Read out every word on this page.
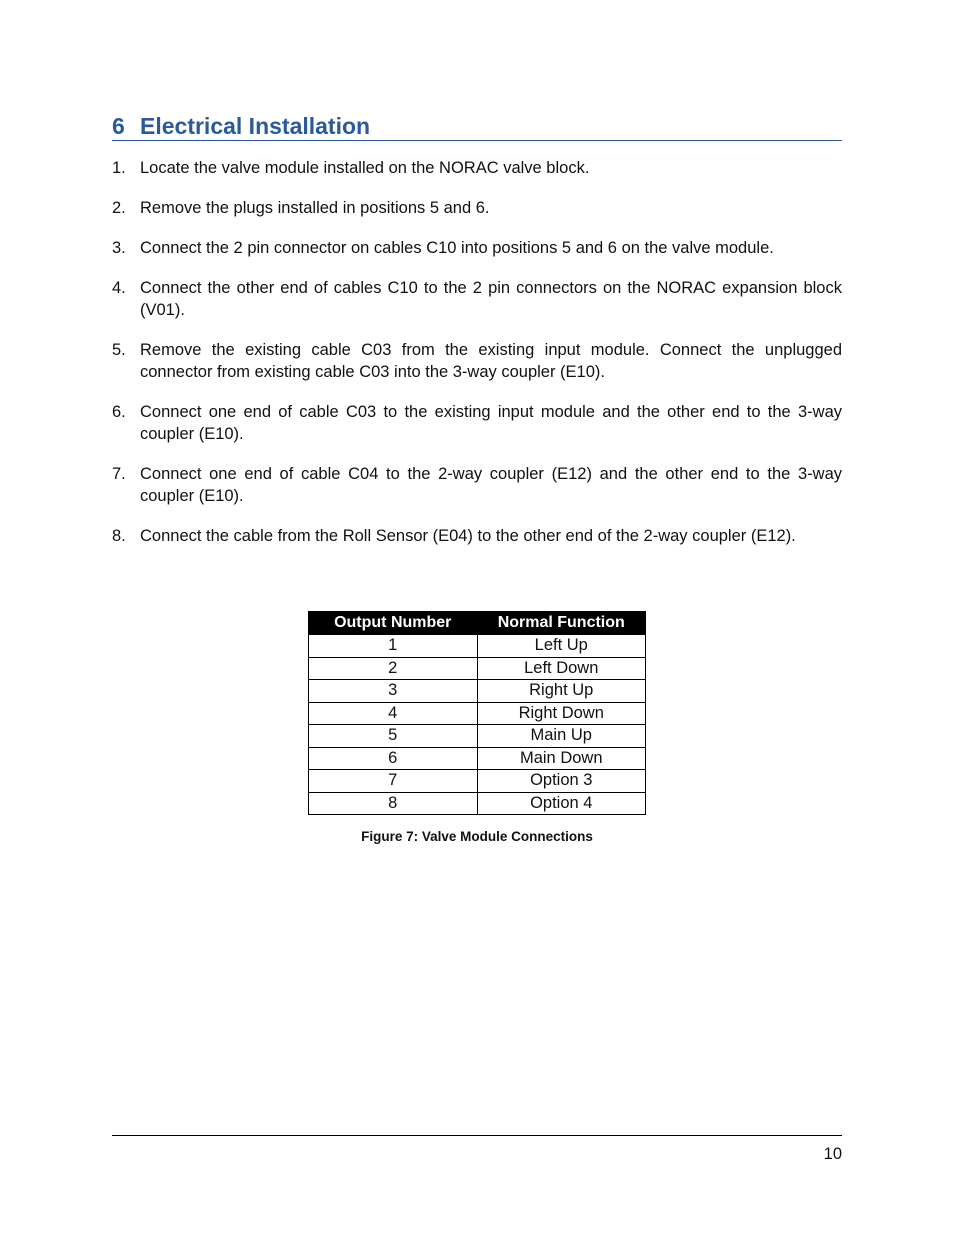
6 Electrical Installation
1. Locate the valve module installed on the NORAC valve block.
2. Remove the plugs installed in positions 5 and 6.
3. Connect the 2 pin connector on cables C10 into positions 5 and 6 on the valve module.
4. Connect the other end of cables C10 to the 2 pin connectors on the NORAC expansion block (V01).
5. Remove the existing cable C03 from the existing input module. Connect the unplugged connector from existing cable C03 into the 3-way coupler (E10).
6. Connect one end of cable C03 to the existing input module and the other end to the 3-way coupler (E10).
7. Connect one end of cable C04 to the 2-way coupler (E12) and the other end to the 3-way coupler (E10).
8. Connect the cable from the Roll Sensor (E04) to the other end of the 2-way coupler (E12).
Output Number	Normal Function
1	Left Up
2	Left Down
3	Right Up
4	Right Down
5	Main Up
6	Main Down
7	Option 3
8	Option 4
Figure 7: Valve Module Connections
10
